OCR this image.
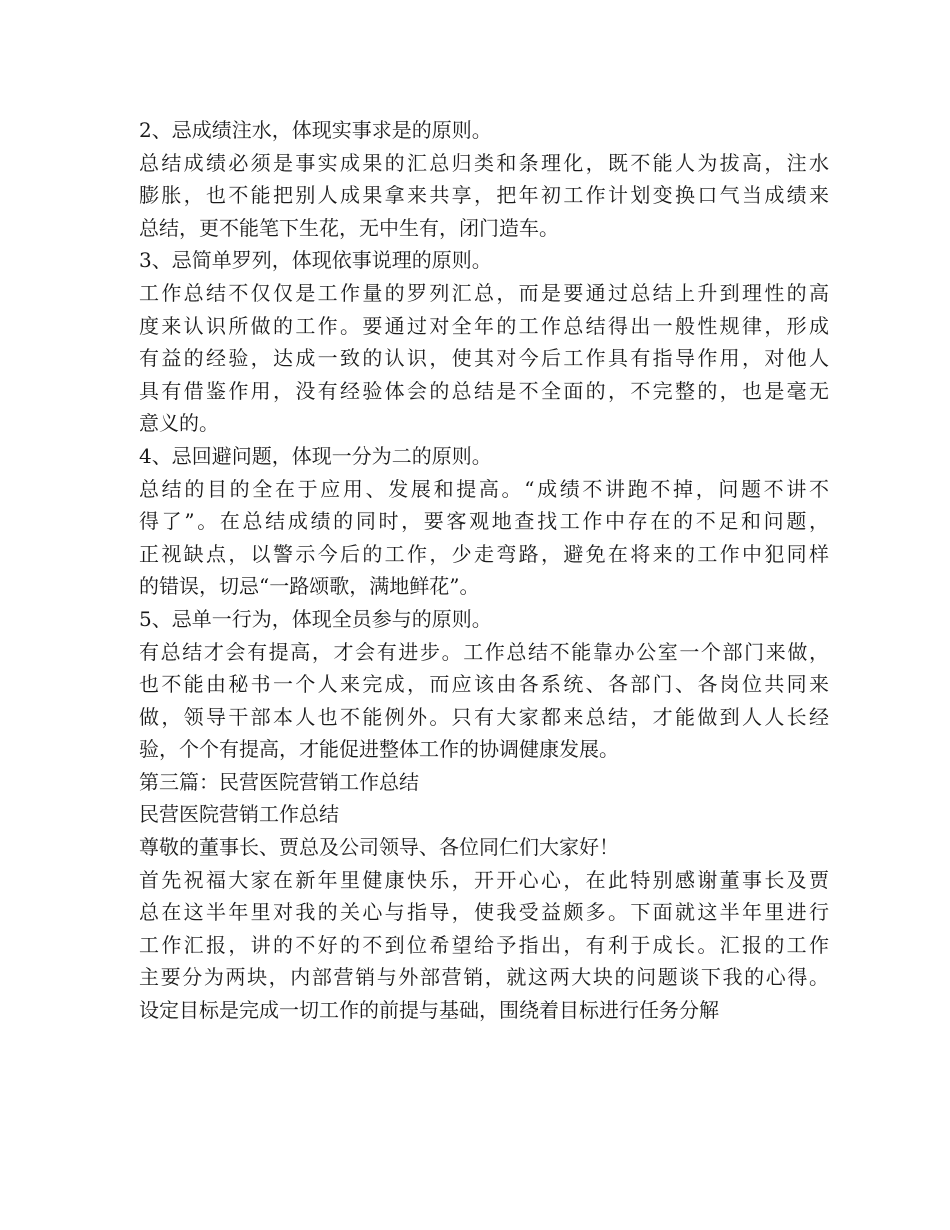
2、忌成绩注水，体现实事求是的原则。
总结成绩必须是事实成果的汇总归类和条理化，既不能人为拔高，注水
膨胀，也不能把别人成果拿来共享，把年初工作计划变换口气当成绩来
总结，更不能笔下生花，无中生有，闭门造车。
3、忌简单罗列，体现依事说理的原则。
工作总结不仅仅是工作量的罗列汇总，而是要通过总结上升到理性的高
度来认识所做的工作。要通过对全年的工作总结得出一般性规律，形成
有益的经验，达成一致的认识，使其对今后工作具有指导作用，对他人
具有借鉴作用，没有经验体会的总结是不全面的，不完整的，也是毫无
意义的。
4、忌回避问题，体现一分为二的原则。
总结的目的全在于应用、发展和提高。“成绩不讲跑不掉，问题不讲不
得了”。在总结成绩的同时，要客观地查找工作中存在的不足和问题，
正视缺点，以警示今后的工作，少走弯路，避免在将来的工作中犯同样
的错误，切忌“一路颂歌，满地鲜花”。
5、忌单一行为，体现全员参与的原则。
有总结才会有提高，才会有进步。工作总结不能靠办公室一个部门来做，
也不能由秘书一个人来完成，而应该由各系统、各部门、各岗位共同来
做，领导干部本人也不能例外。只有大家都来总结，才能做到人人长经
验，个个有提高，才能促进整体工作的协调健康发展。
第三篇：民营医院营销工作总结
民营医院营销工作总结
尊敬的董事长、贾总及公司领导、各位同仁们大家好！
首先祝福大家在新年里健康快乐，开开心心，在此特别感谢董事长及贾
总在这半年里对我的关心与指导，使我受益颇多。下面就这半年里进行
工作汇报，讲的不好的不到位希望给予指出，有利于成长。汇报的工作
主要分为两块，内部营销与外部营销，就这两大块的问题谈下我的心得。
设定目标是完成一切工作的前提与基础，围绕着目标进行任务分解
